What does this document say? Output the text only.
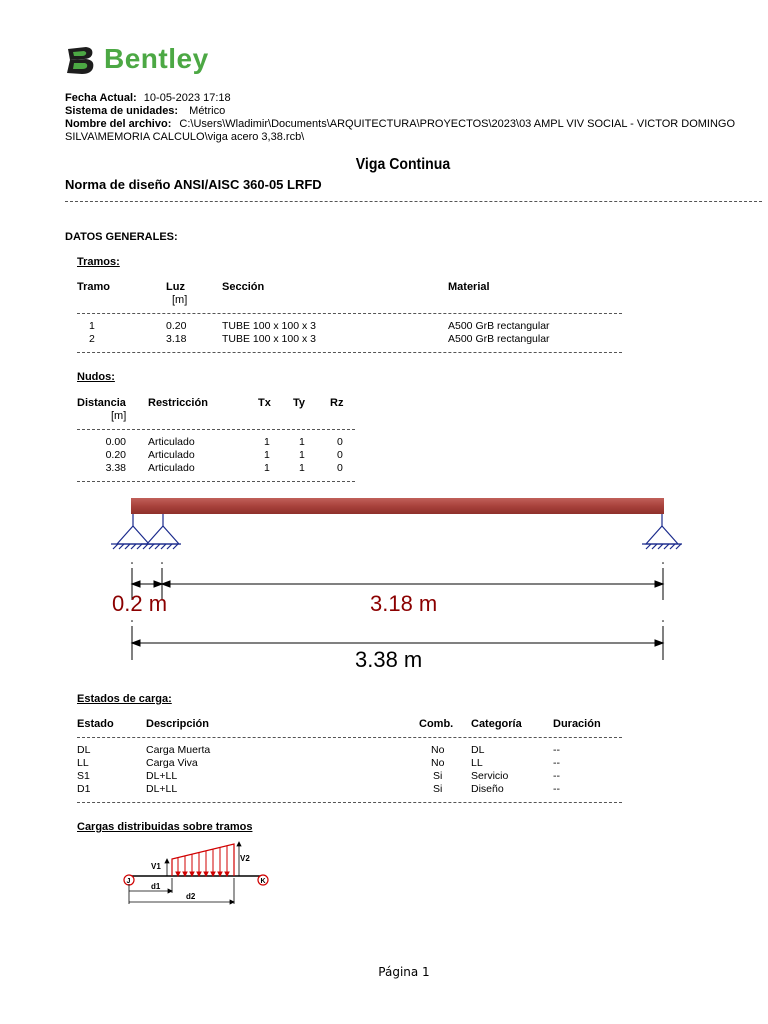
Bentley
Fecha Actual: 10-05-2023 17:18
Sistema de unidades: Métrico
Nombre del archivo: C:\Users\Wladimir\Documents\ARQUITECTURA\PROYECTOS\2023\03 AMPL VIV SOCIAL - VICTOR DOMINGO
SILVA\MEMORIA CALCULO\viga acero 3,38.rcb\
Viga Continua
Norma de diseño ANSI/AISC 360-05 LRFD
DATOS GENERALES:
Tramos:
Tramo	Luz
[m]
Sección	Material
1	0.20	TUBE 100 x 100 x 3	A500 GrB rectangular
2	3.18	TUBE 100 x 100 x 3	A500 GrB rectangular
Nudos:
Distancia
[m]
Restricción	Tx Ty Rz
0.00 Articulado	1	1	0
0.20 Articulado	1	1	0
3.38 Articulado	1	1	0
0.2 m	3.18 m
3.38 m
Estados de carga:
Estado	Descripción	Comb. Categoría	Duración
DL	Carga Muerta	No	DL	--
LL	Carga Viva	No	LL	--
S1	DL+LL	Si	Servicio	--
D1	DL+LL	Si	Diseño	--
Cargas distribuidas sobre tramos
V1
V2
J	K
d1
d2
Página 1
